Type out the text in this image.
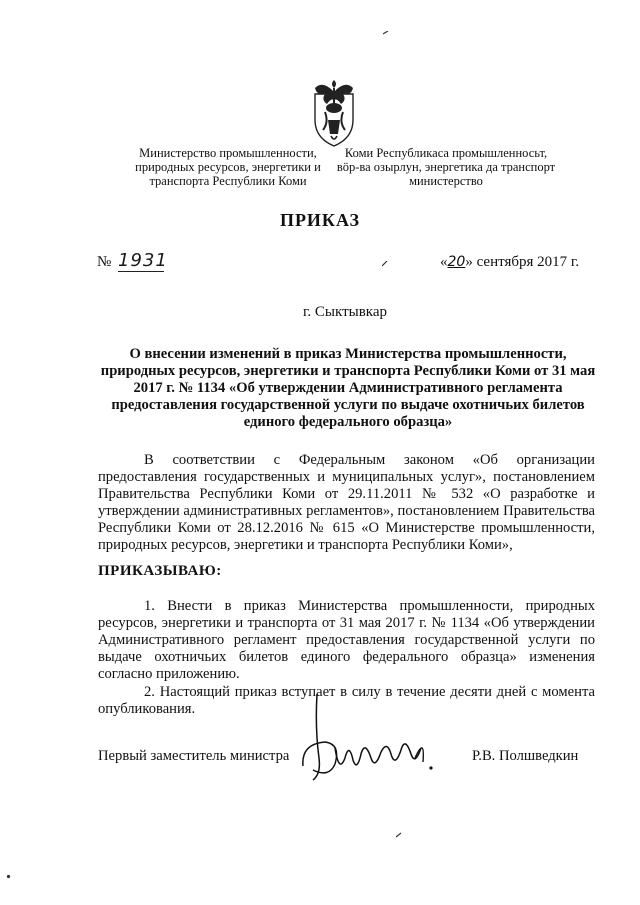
Министерство промышленности,
природных ресурсов, энергетики и
транспорта Республики Коми
Коми Республикаса промышленносьт,
вӧр-ва озырлун, энергетика да транспорт
министерство
ПРИКАЗ
№ 1931	«20» сентября 2017 г.
г. Сыктывкар
О внесении изменений в приказ Министерства промышленности, природных ресурсов, энергетики и транспорта Республики Коми от 31 мая 2017 г. № 1134 «Об утверждении Административного регламента предоставления государственной услуги по выдаче охотничьих билетов единого федерального образца»
В соответствии с Федеральным законом «Об организации предоставления государственных и муниципальных услуг», постановлением Правительства Республики Коми от 29.11.2011 № 532 «О разработке и утверждении административных регламентов», постановлением Правительства Республики Коми от 28.12.2016 № 615 «О Министерстве промышленности, природных ресурсов, энергетики и транспорта Республики Коми»,
ПРИКАЗЫВАЮ:
1. Внести в приказ Министерства промышленности, природных ресурсов, энергетики и транспорта от 31 мая 2017 г. № 1134 «Об утверждении Административного регламент предоставления государственной услуги по выдаче охотничьих билетов единого федерального образца» изменения согласно приложению.
2. Настоящий приказ вступает в силу в течение десяти дней с момента опубликования.
Первый заместитель министра	Р.В. Полшведкин
